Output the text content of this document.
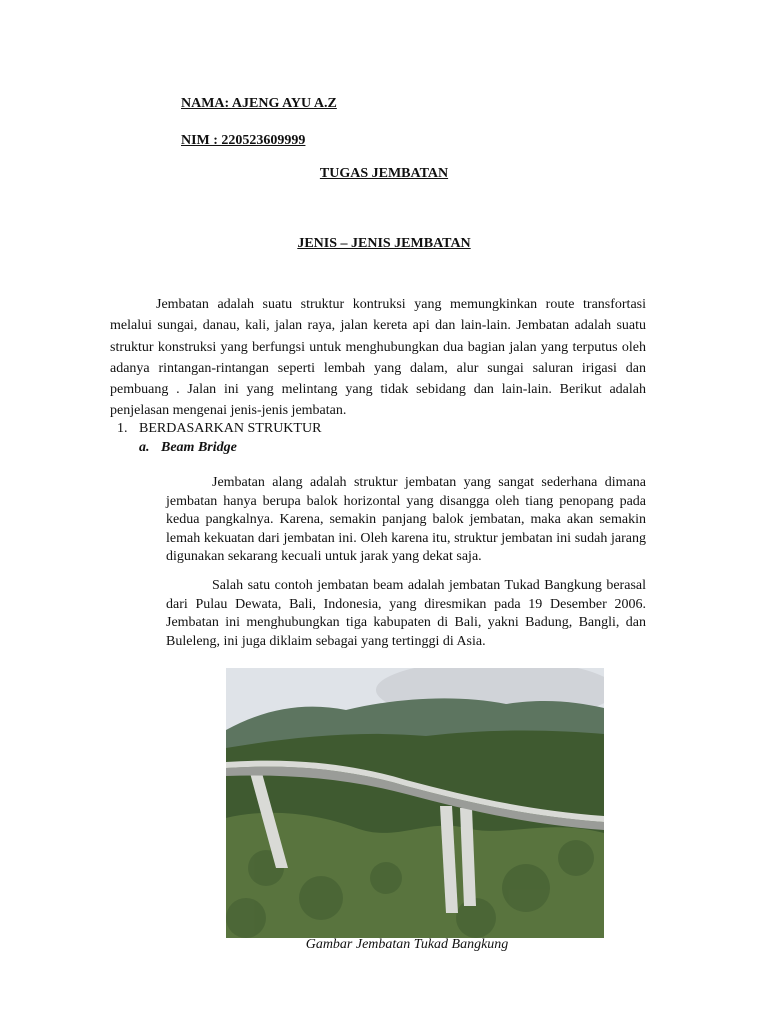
NAMA: AJENG AYU A.Z
NIM : 220523609999
TUGAS JEMBATAN
JENIS – JENIS JEMBATAN

Jembatan adalah suatu struktur kontruksi yang memungkinkan route transfortasi melalui sungai, danau, kali, jalan raya, jalan kereta api dan lain-lain. Jembatan adalah suatu struktur konstruksi yang berfungsi untuk menghubungkan dua bagian jalan yang terputus oleh adanya rintangan-rintangan seperti lembah yang dalam, alur sungai saluran irigasi dan pembuang . Jalan ini yang melintang yang tidak sebidang dan lain-lain. Berikut adalah penjelasan mengenai jenis-jenis jembatan.

1. BERDASARKAN STRUKTUR
a. Beam Bridge

Jembatan alang adalah struktur jembatan yang sangat sederhana dimana jembatan hanya berupa balok horizontal yang disangga oleh tiang penopang pada kedua pangkalnya. Karena, semakin panjang balok jembatan, maka akan semakin lemah kekuatan dari jembatan ini. Oleh karena itu, struktur jembatan ini sudah jarang digunakan sekarang kecuali untuk jarak yang dekat saja.

Salah satu contoh jembatan beam adalah jembatan Tukad Bangkung berasal dari Pulau Dewata, Bali, Indonesia, yang diresmikan pada 19 Desember 2006. Jembatan ini menghubungkan tiga kabupaten di Bali, yakni Badung, Bangli, dan Buleleng, ini juga diklaim sebagai yang tertinggi di Asia.

Gambar Jembatan Tukad Bangkung
